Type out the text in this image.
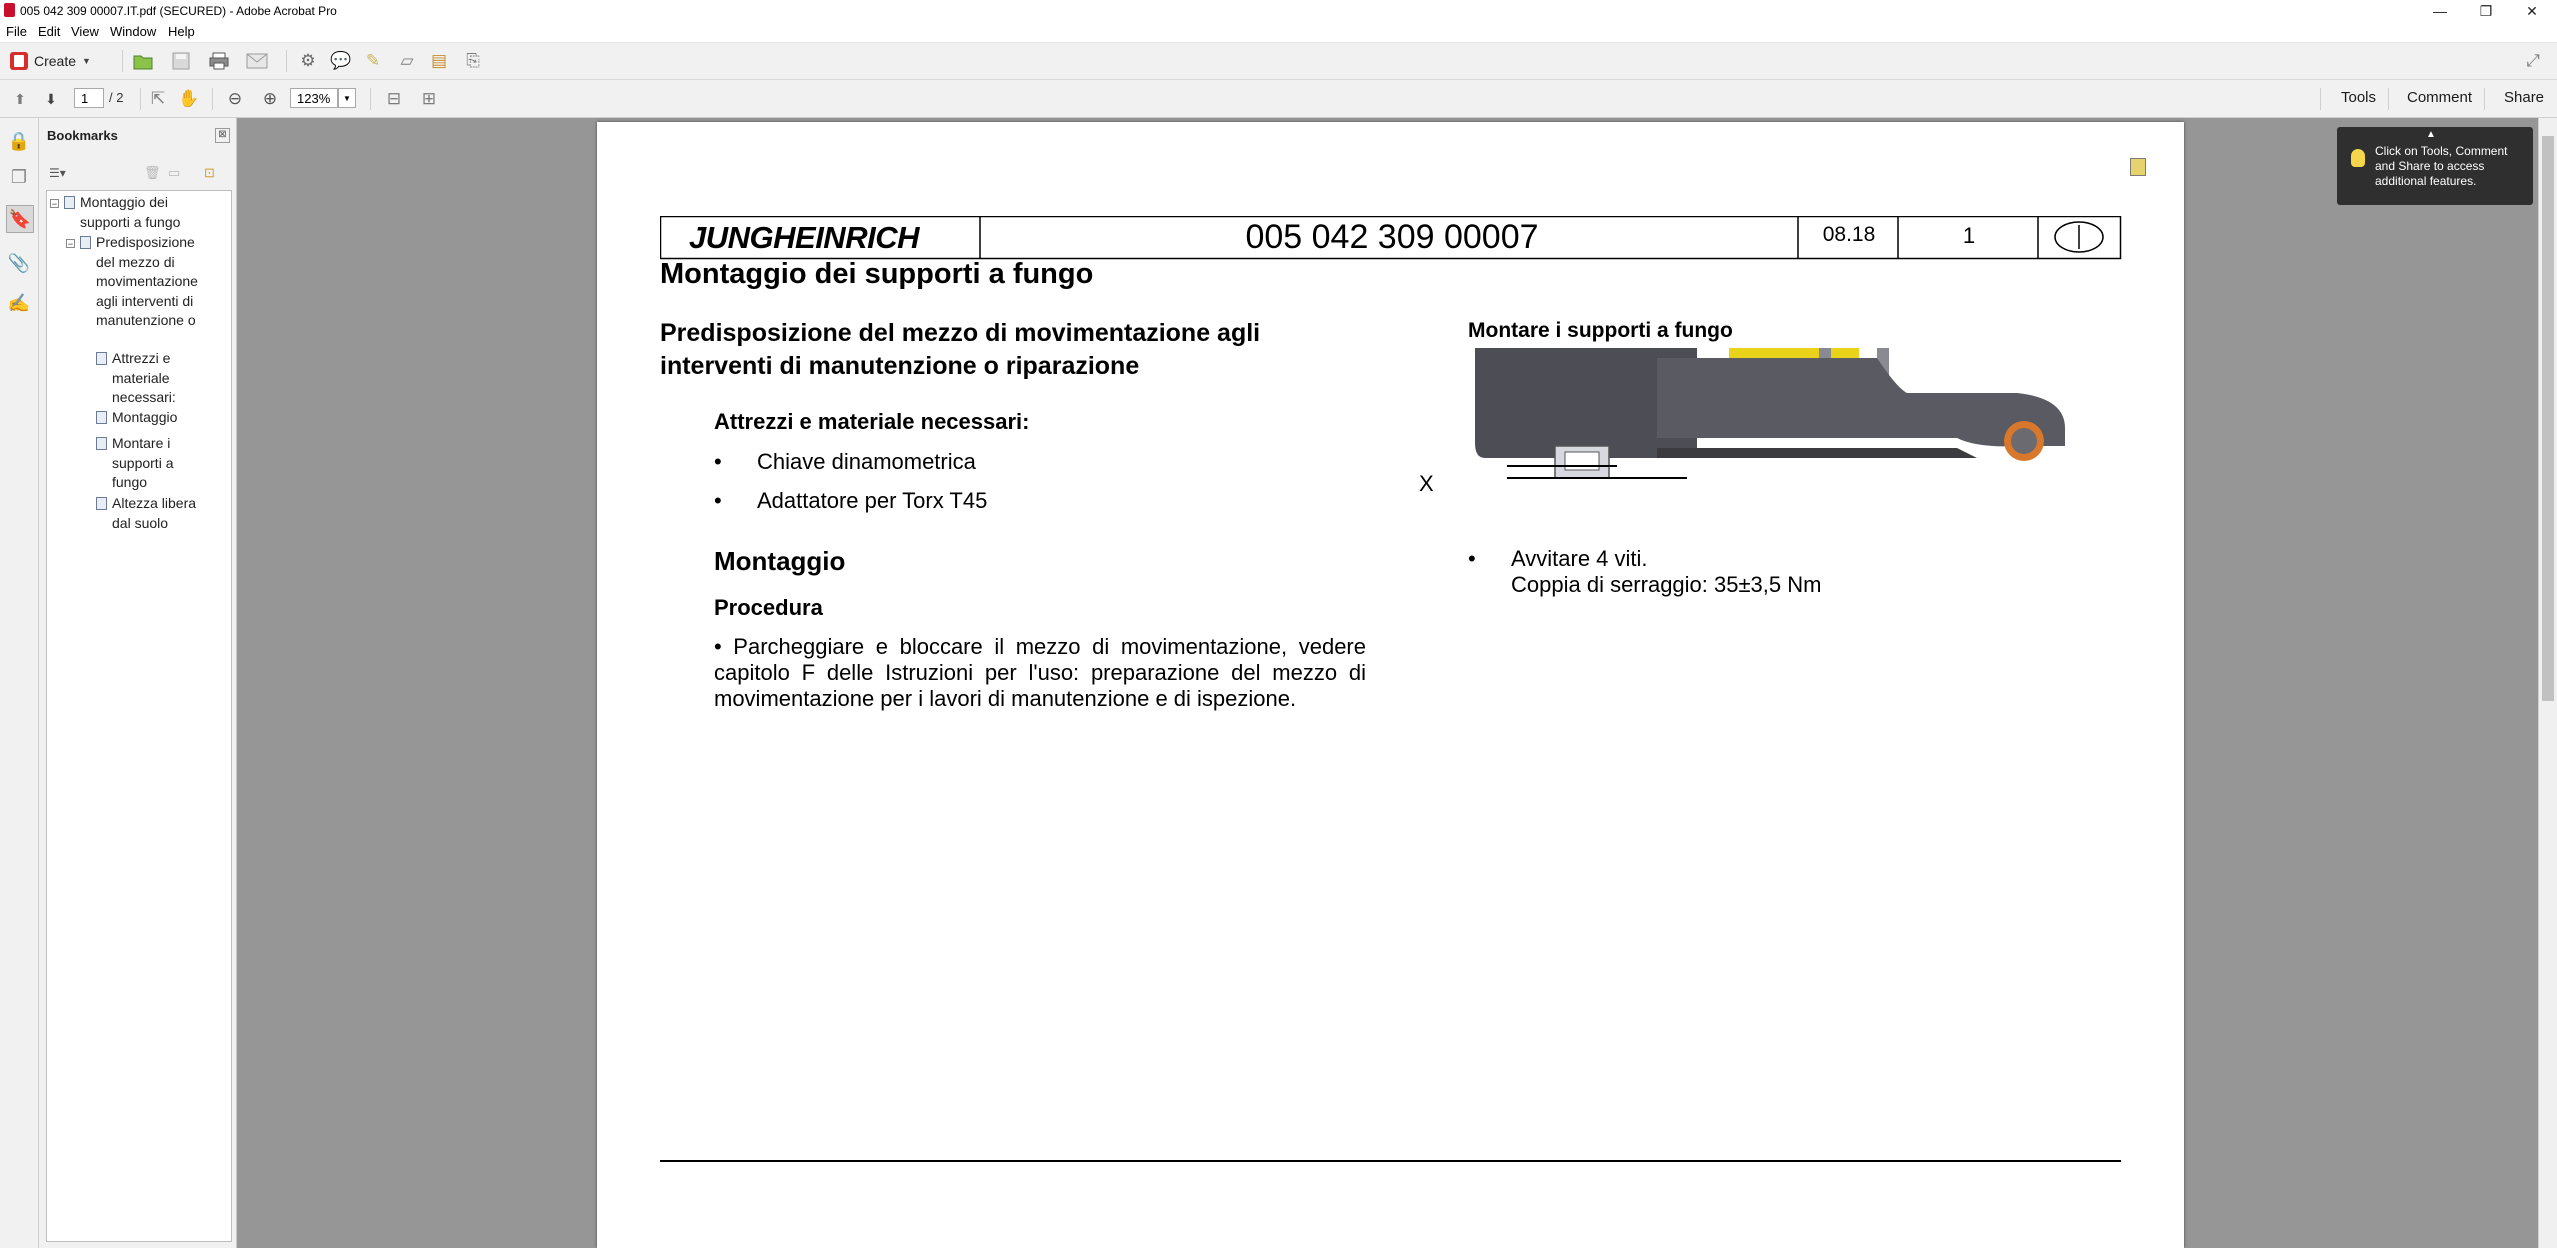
005 042 309 00007.IT.pdf (SECURED) - Adobe Acrobat Pro	—	❐	✕
File Edit View Window Help
Create ▼	⚙ 💬 ✎ ▱ ▤ ⎘	⤢
⬆	⬇	1	/ 2 ⇱ ✋ ⊖ ⊕	123%	▼ ⊟ ⊞	Tools Comment Share
🔒
❐
🔖
📎
✍
Bookmarks	⊠
☰▾	🗑 ▭ ⊡
− Montaggio dei
supporti a fungo
− Predisposizione
del mezzo di
movimentazione
agli interventi di
manutenzione o
Attrezzi e
materiale
necessari:
Montaggio
Montare i
supporti a
fungo
Altezza libera
dal suolo
JUNGHEINRICH	005 042 309 00007	08.18	1
Montaggio dei supporti a fungo
Predisposizione del mezzo di movimentazione agli
interventi di manutenzione o riparazione
Attrezzi e materiale necessari:
• Chiave dinamometrica
• Adattatore per Torx T45
Montaggio
Procedura
• Parcheggiare e bloccare il mezzo di movimentazione, vedere
capitolo F delle Istruzioni per l'uso: preparazione del mezzo di
movimentazione per i lavori di manutenzione e di ispezione.
Montare i supporti a fungo
X
• Avvitare 4 viti.
Coppia di serraggio: 35±3,5 Nm
▲
Click on Tools, Comment and Share to access additional features.
